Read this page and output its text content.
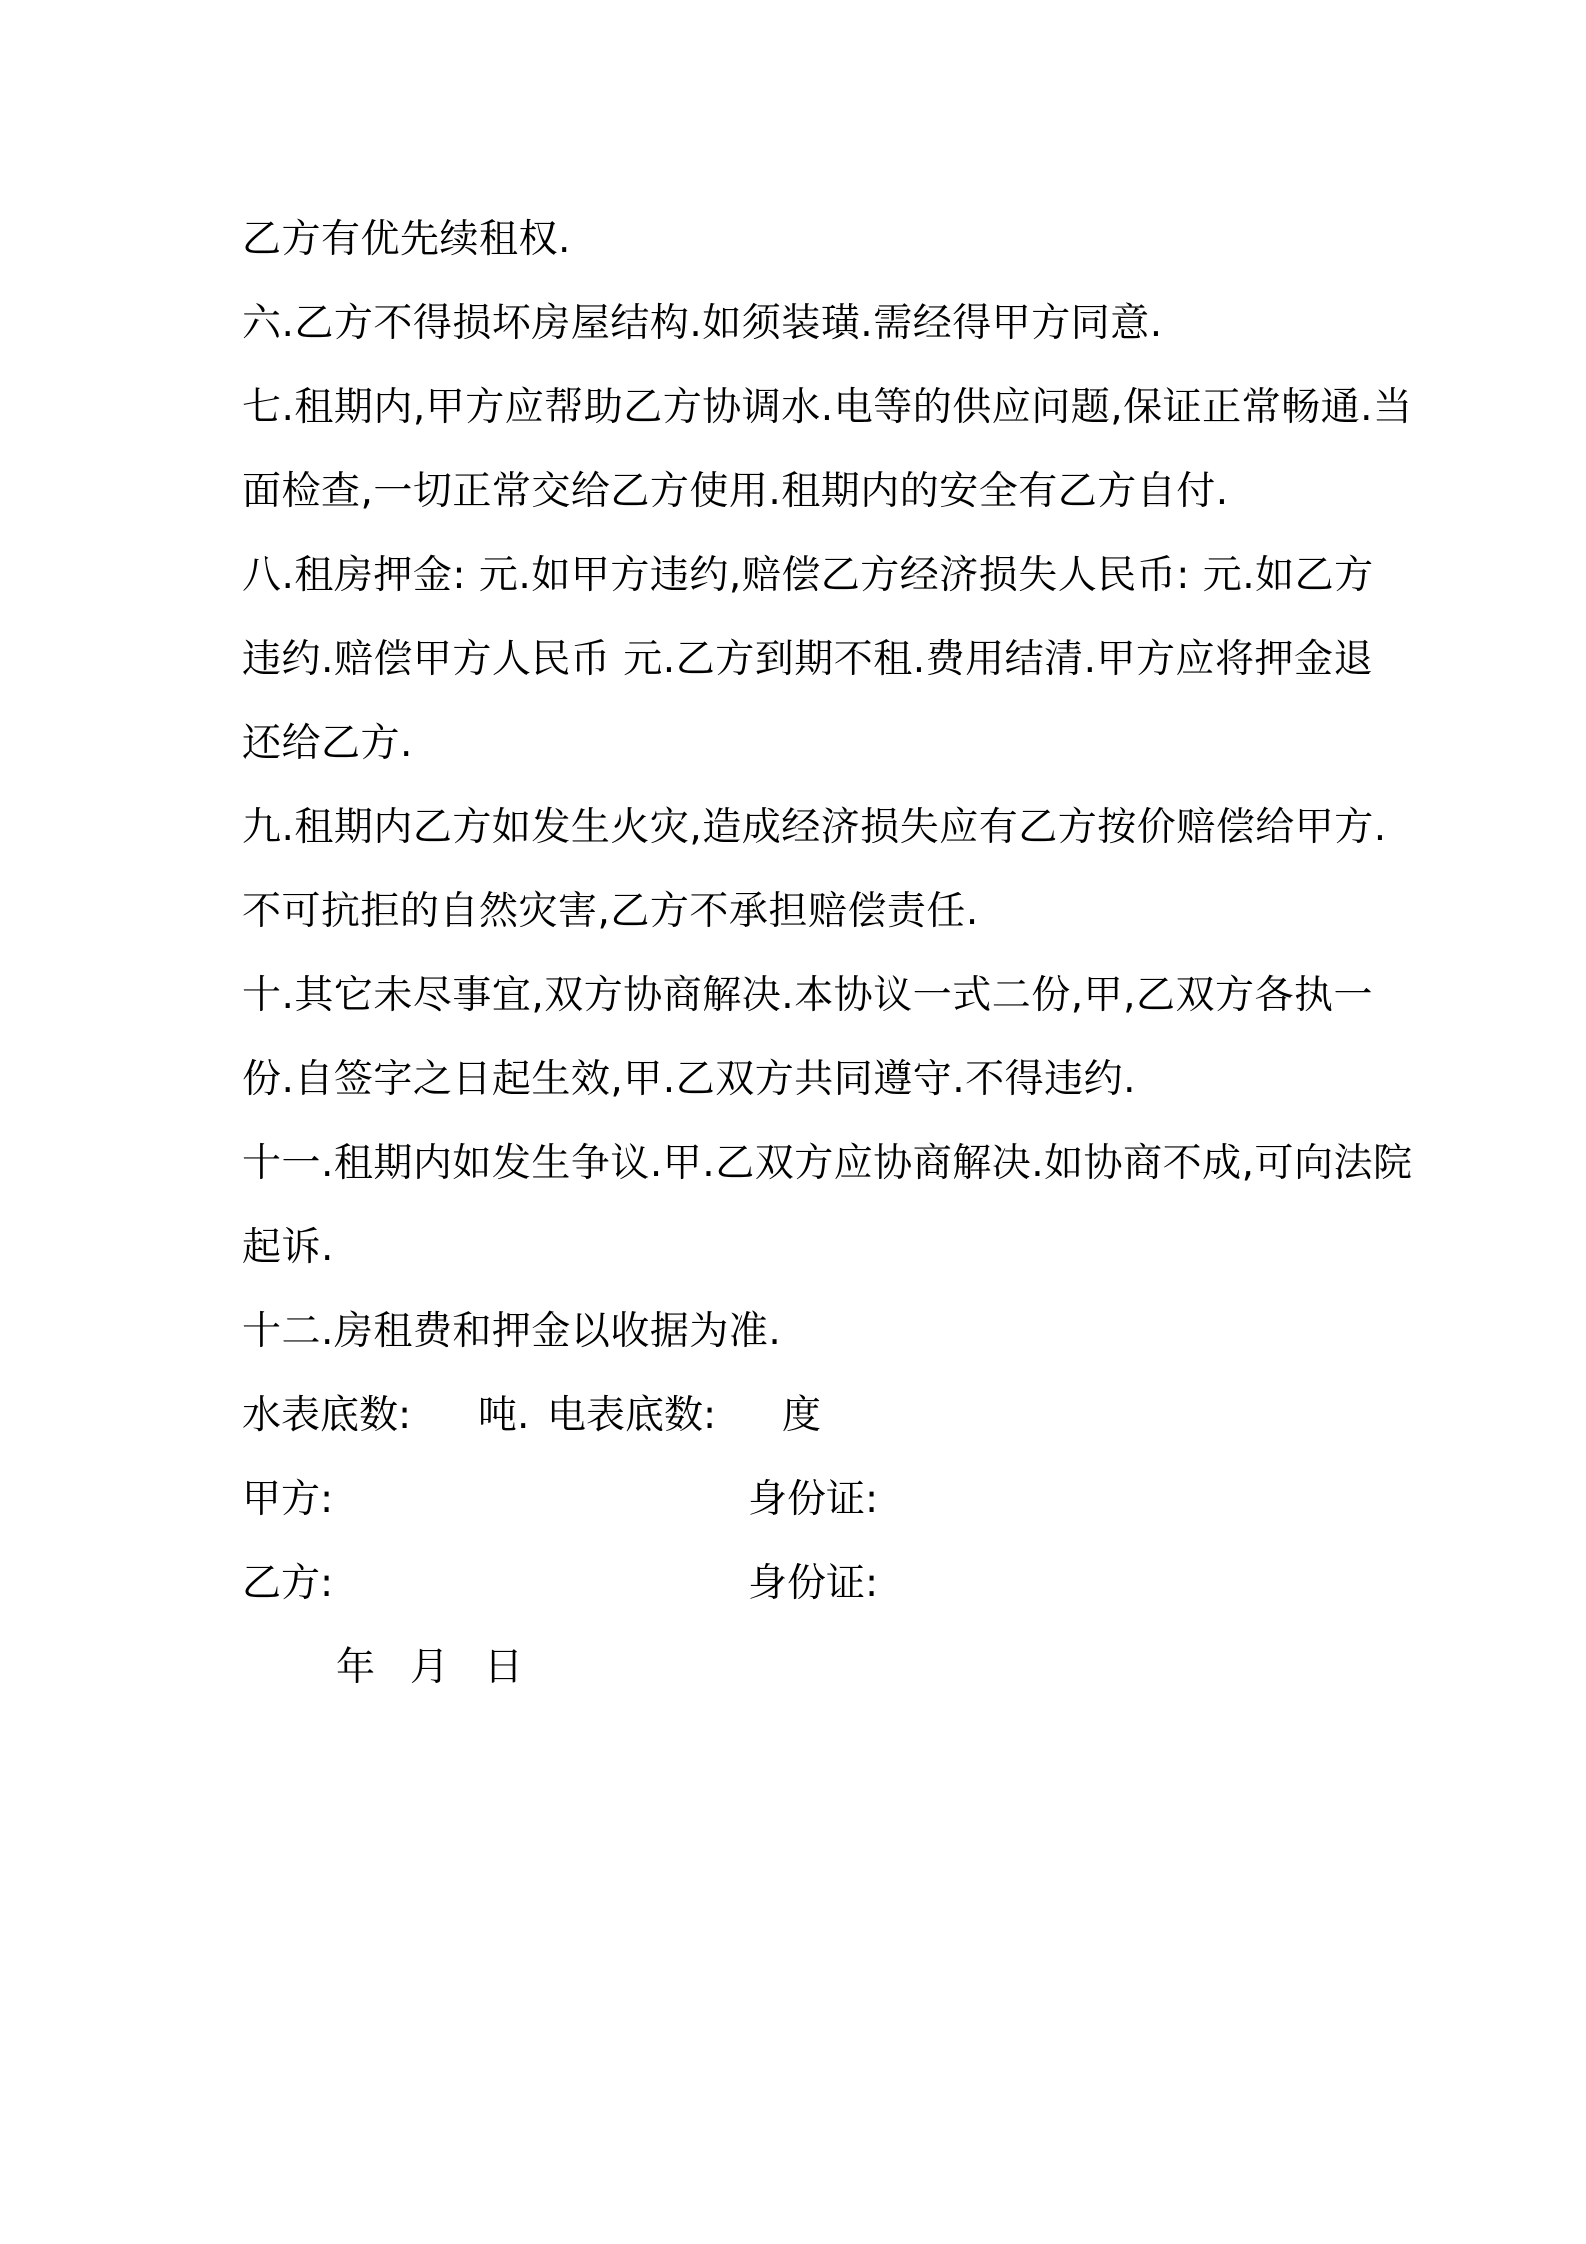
乙方有优先续租权.
六.乙方不得损坏房屋结构.如须装璜.需经得甲方同意.
七.租期内,甲方应帮助乙方协调水.电等的供应问题,保证正常畅通.当
面检查,一切正常交给乙方使用.租期内的安全有乙方自付.
八.租房押金: 元.如甲方违约,赔偿乙方经济损失人民币: 元.如乙方
违约.赔偿甲方人民币 元.乙方到期不租.费用结清.甲方应将押金退
还给乙方.
九.租期内乙方如发生火灾,造成经济损失应有乙方按价赔偿给甲方.
不可抗拒的自然灾害,乙方不承担赔偿责任.
十.其它未尽事宜,双方协商解决.本协议一式二份,甲,乙双方各执一
份.自签字之日起生效,甲.乙双方共同遵守.不得违约.
十一.租期内如发生争议.甲.乙双方应协商解决.如协商不成,可向法院
起诉.
十二.房租费和押金以收据为准.
水表底数: 吨. 电表底数: 度
甲方:	身份证:
乙方:	身份证:
年 月 日
